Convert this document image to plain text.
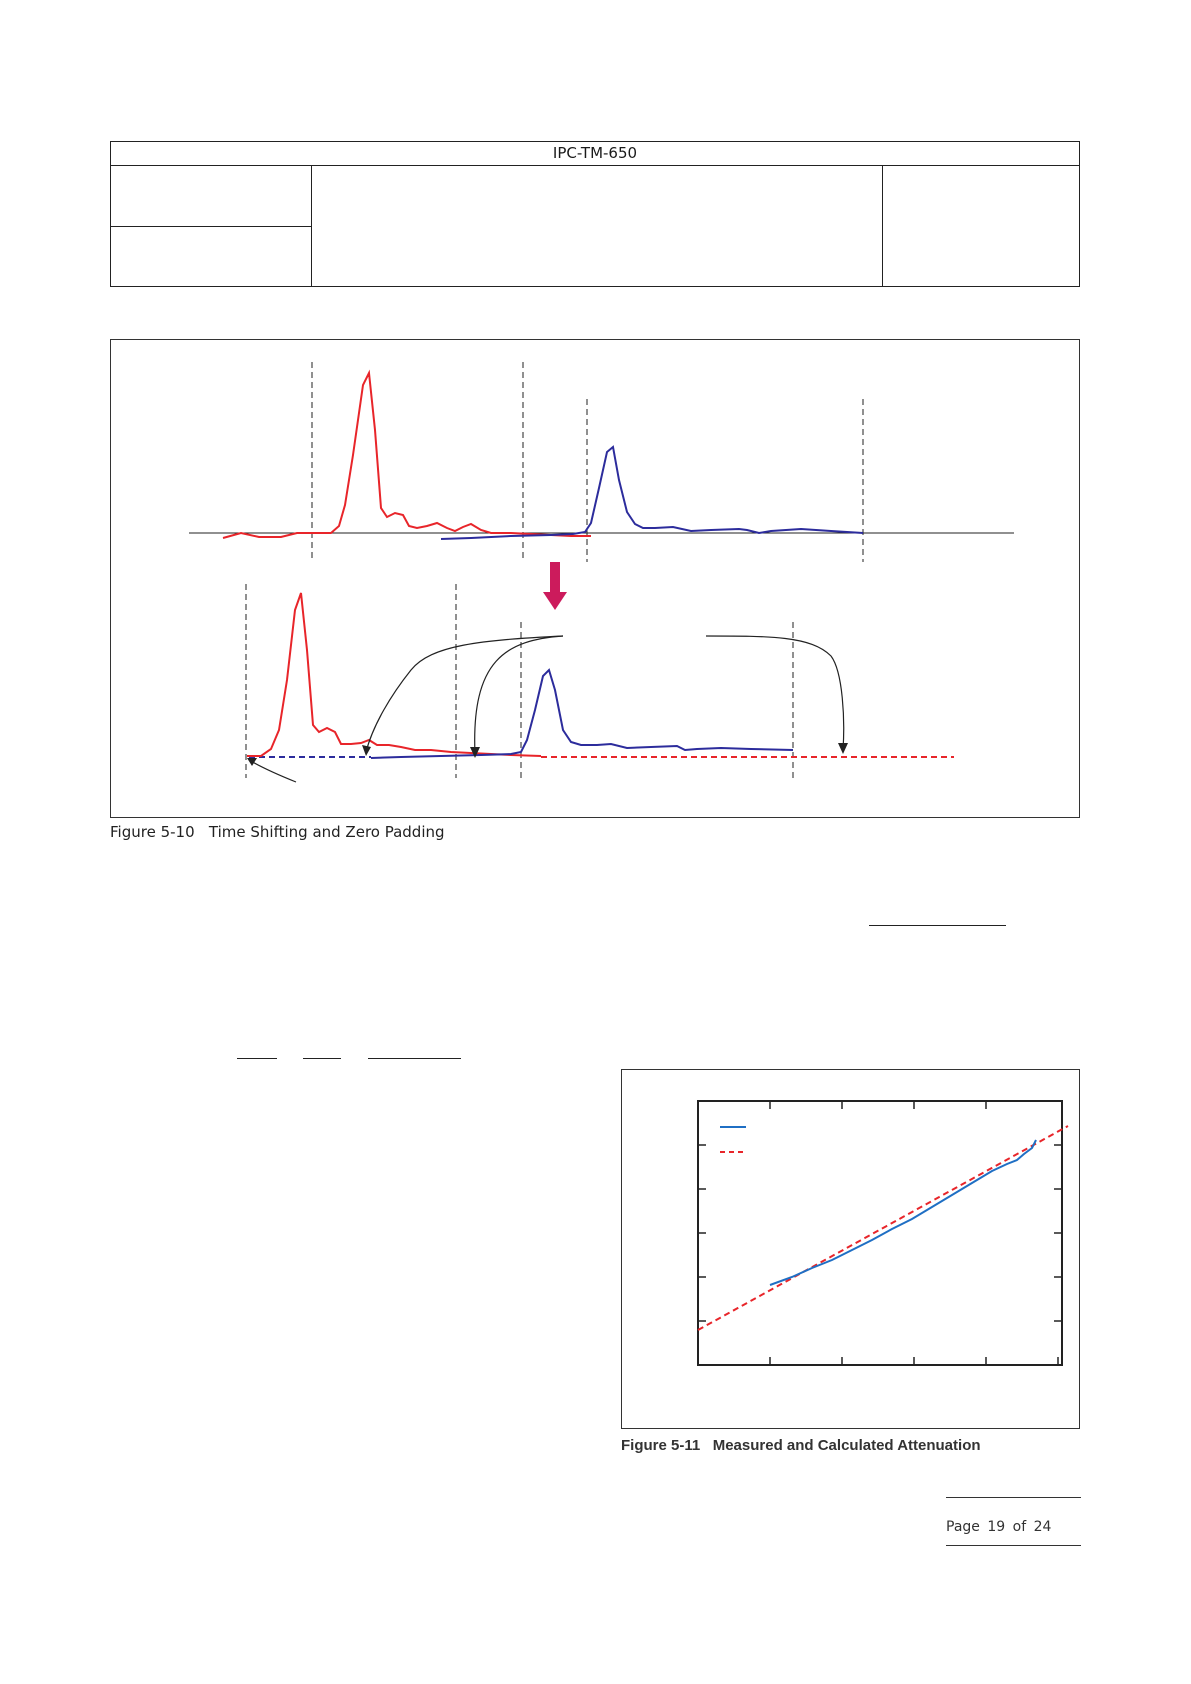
IPC-TM-650
Figure 5-10   Time Shifting and Zero Padding
Figure 5-11   Measured and Calculated Attenuation
Page 19 of 24
